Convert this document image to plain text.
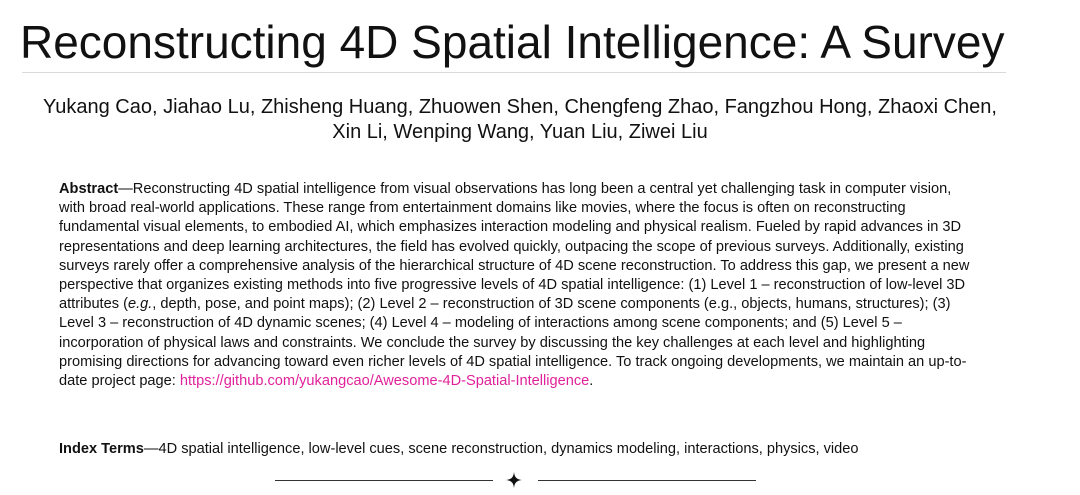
Reconstructing 4D Spatial Intelligence: A Survey
Yukang Cao, Jiahao Lu, Zhisheng Huang, Zhuowen Shen, Chengfeng Zhao, Fangzhou Hong, Zhaoxi Chen, Xin Li, Wenping Wang, Yuan Liu, Ziwei Liu

Abstract—Reconstructing 4D spatial intelligence from visual observations has long been a central yet challenging task in computer vision, with broad real-world applications. These range from entertainment domains like movies, where the focus is often on reconstructing fundamental visual elements, to embodied AI, which emphasizes interaction modeling and physical realism. Fueled by rapid advances in 3D representations and deep learning architectures, the field has evolved quickly, outpacing the scope of previous surveys. Additionally, existing surveys rarely offer a comprehensive analysis of the hierarchical structure of 4D scene reconstruction. To address this gap, we present a new perspective that organizes existing methods into five progressive levels of 4D spatial intelligence: (1) Level 1 – reconstruction of low-level 3D attributes (e.g., depth, pose, and point maps); (2) Level 2 – reconstruction of 3D scene components (e.g., objects, humans, structures); (3) Level 3 – reconstruction of 4D dynamic scenes; (4) Level 4 – modeling of interactions among scene components; and (5) Level 5 – incorporation of physical laws and constraints. We conclude the survey by discussing the key challenges at each level and highlighting promising directions for advancing toward even richer levels of 4D spatial intelligence. To track ongoing developments, we maintain an up-to-date project page: https://github.com/yukangcao/Awesome-4D-Spatial-Intelligence.

Index Terms—4D spatial intelligence, low-level cues, scene reconstruction, dynamics modeling, interactions, physics, video
